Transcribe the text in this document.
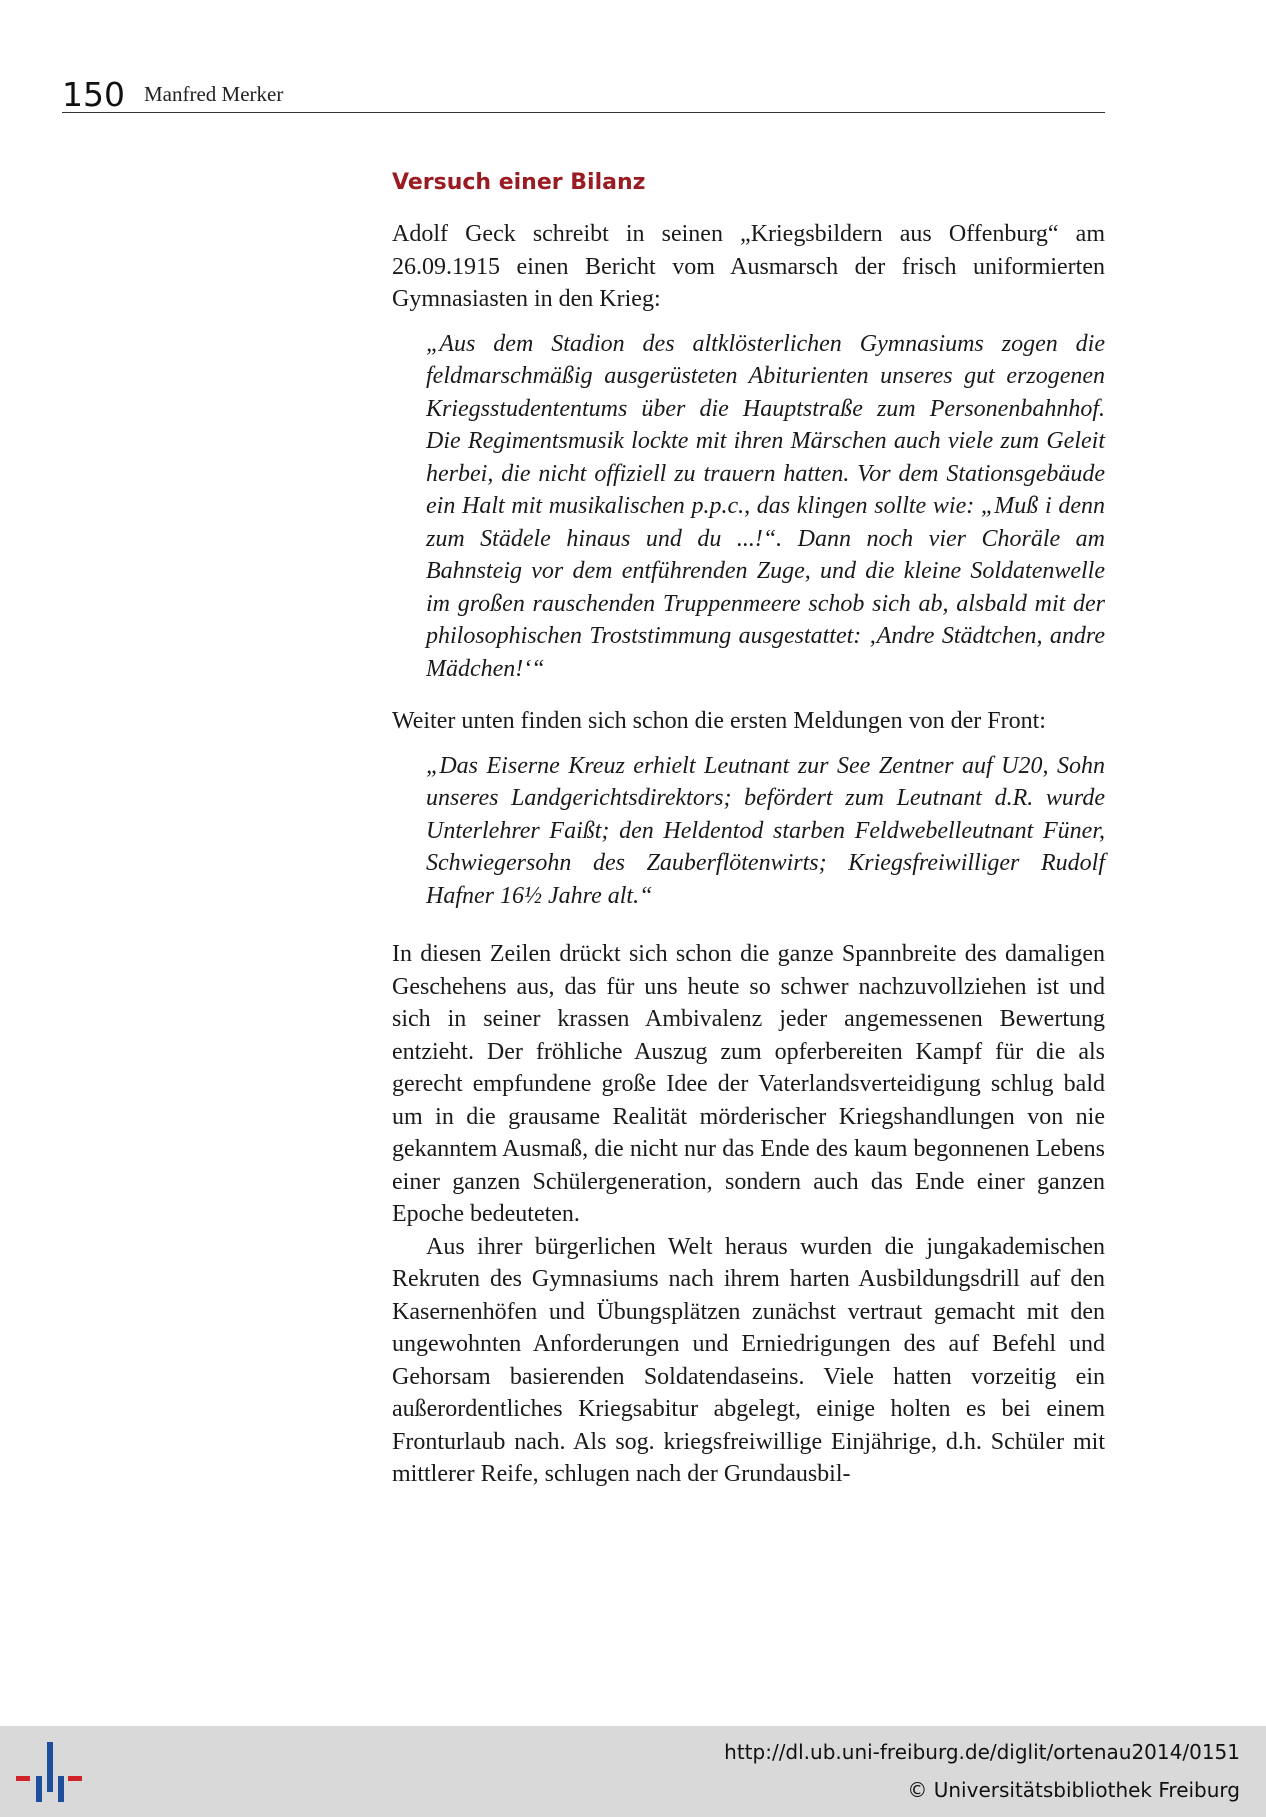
150 Manfred Merker
Versuch einer Bilanz

Adolf Geck schreibt in seinen „Kriegsbildern aus Offenburg“ am 26.09.1915 einen Bericht vom Ausmarsch der frisch uniformierten Gymnasiasten in den Krieg:

„Aus dem Stadion des altklösterlichen Gymnasiums zogen die feldmarschmäßig ausgerüsteten Abiturienten unseres gut erzogenen Kriegsstudententums über die Hauptstraße zum Personenbahnhof. Die Regimentsmusik lockte mit ihren Märschen auch viele zum Geleit herbei, die nicht offiziell zu trauern hatten. Vor dem Stationsgebäude ein Halt mit musikalischen p.p.c., das klingen sollte wie: „Muß i denn zum Städele hinaus und du ...!“. Dann noch vier Choräle am Bahnsteig vor dem entführenden Zuge, und die kleine Soldatenwelle im großen rauschenden Truppenmeere schob sich ab, alsbald mit der philosophischen Troststimmung ausgestattet: ‚Andre Städtchen, andre Mädchen!‘“

Weiter unten finden sich schon die ersten Meldungen von der Front:

„Das Eiserne Kreuz erhielt Leutnant zur See Zentner auf U20, Sohn unseres Landgerichtsdirektors; befördert zum Leutnant d.R. wurde Unterlehrer Faißt; den Heldentod starben Feldwebelleutnant Füner, Schwiegersohn des Zauberflötenwirts; Kriegsfreiwilliger Rudolf Hafner 16½ Jahre alt.“

In diesen Zeilen drückt sich schon die ganze Spannbreite des damaligen Geschehens aus, das für uns heute so schwer nachzuvollziehen ist und sich in seiner krassen Ambivalenz jeder angemessenen Bewertung entzieht. Der fröhliche Auszug zum opferbereiten Kampf für die als gerecht empfundene große Idee der Vaterlandsverteidigung schlug bald um in die grausame Realität mörderischer Kriegshandlungen von nie gekanntem Ausmaß, die nicht nur das Ende des kaum begonnenen Lebens einer ganzen Schülergeneration, sondern auch das Ende einer ganzen Epoche bedeuteten.

Aus ihrer bürgerlichen Welt heraus wurden die jungakademischen Rekruten des Gymnasiums nach ihrem harten Ausbildungsdrill auf den Kasernenhöfen und Übungsplätzen zunächst vertraut gemacht mit den ungewohnten Anforderungen und Erniedrigungen des auf Befehl und Gehorsam basierenden Soldatendaseins. Viele hatten vorzeitig ein außerordentliches Kriegsabitur abgelegt, einige holten es bei einem Fronturlaub nach. Als sog. kriegsfreiwillige Einjährige, d.h. Schüler mit mittlerer Reife, schlugen nach der Grundausbil-

http://dl.ub.uni-freiburg.de/diglit/ortenau2014/0151
© Universitätsbibliothek Freiburg
